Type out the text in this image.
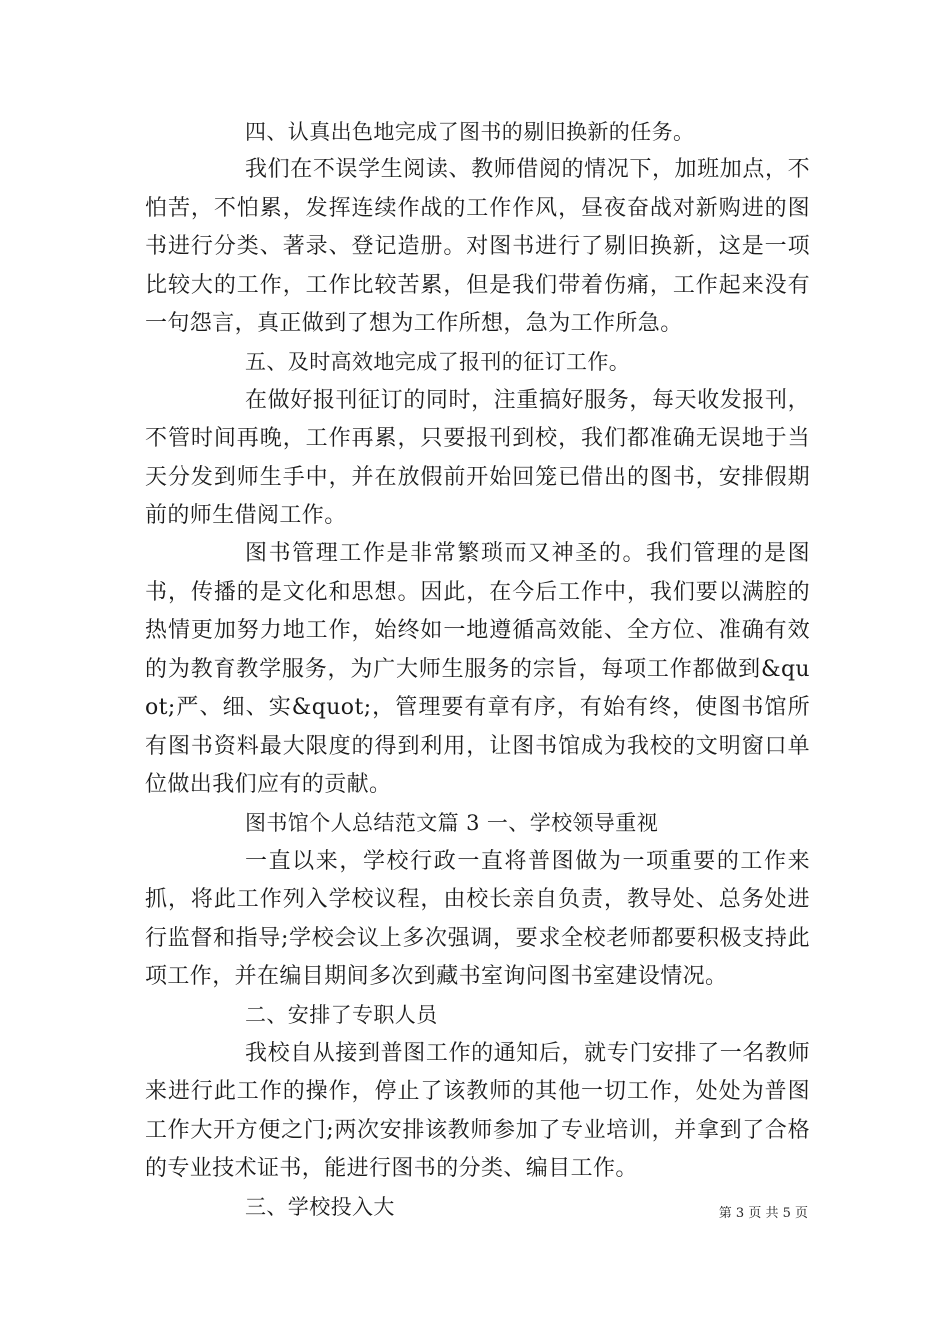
四、认真出色地完成了图书的剔旧换新的任务。

我们在不误学生阅读、教师借阅的情况下，加班加点，不怕苦，不怕累，发挥连续作战的工作作风，昼夜奋战对新购进的图书进行分类、著录、登记造册。对图书进行了剔旧换新，这是一项比较大的工作，工作比较苦累，但是我们带着伤痛，工作起来没有一句怨言，真正做到了想为工作所想，急为工作所急。

五、及时高效地完成了报刊的征订工作。

在做好报刊征订的同时，注重搞好服务，每天收发报刊，不管时间再晚，工作再累，只要报刊到校，我们都准确无误地于当天分发到师生手中，并在放假前开始回笼已借出的图书，安排假期前的师生借阅工作。

图书管理工作是非常繁琐而又神圣的。我们管理的是图书，传播的是文化和思想。因此，在今后工作中，我们要以满腔的热情更加努力地工作，始终如一地遵循高效能、全方位、准确有效的为教育教学服务，为广大师生服务的宗旨，每项工作都做到&quot;严、细、实&quot;，管理要有章有序，有始有终，使图书馆所有图书资料最大限度的得到利用，让图书馆成为我校的文明窗口单位做出我们应有的贡献。

图书馆个人总结范文篇 3 一、学校领导重视

一直以来，学校行政一直将普图做为一项重要的工作来抓，将此工作列入学校议程，由校长亲自负责，教导处、总务处进行监督和指导;学校会议上多次强调，要求全校老师都要积极支持此项工作，并在编目期间多次到藏书室询问图书室建设情况。

二、安排了专职人员

我校自从接到普图工作的通知后，就专门安排了一名教师来进行此工作的操作，停止了该教师的其他一切工作，处处为普图工作大开方便之门;两次安排该教师参加了专业培训，并拿到了合格的专业技术证书，能进行图书的分类、编目工作。

三、学校投入大	第 3 页 共 5 页
